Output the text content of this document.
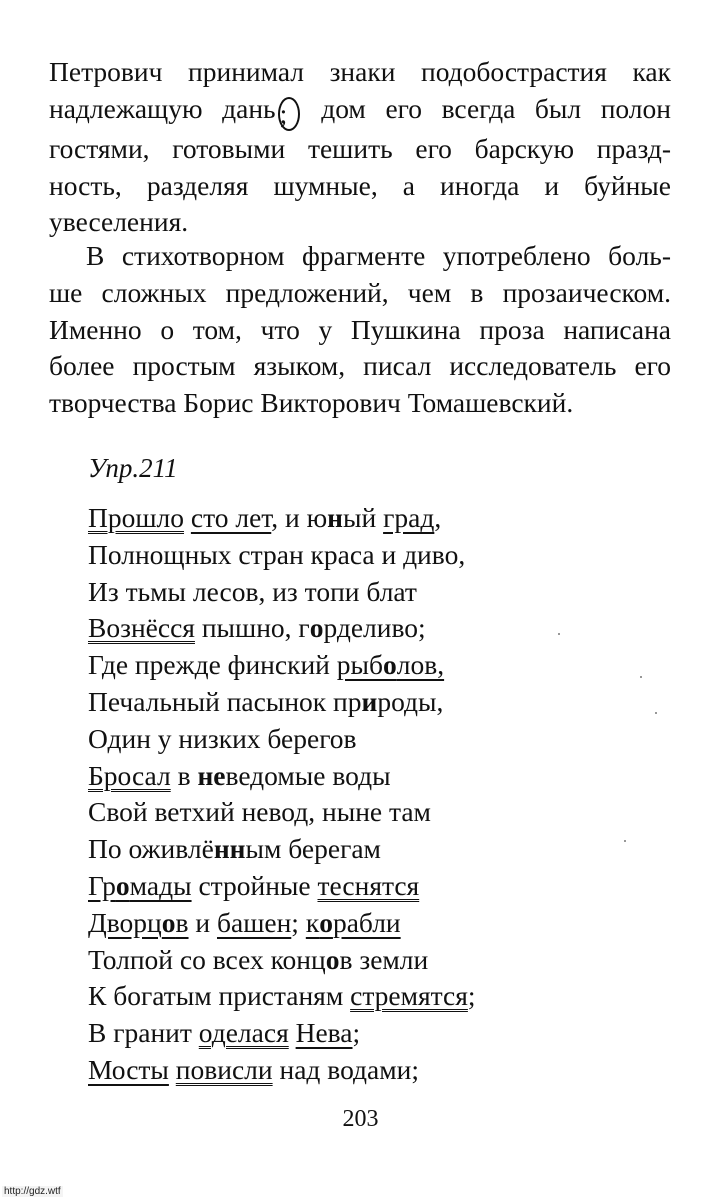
Петрович принимал знаки подобострастия как
надлежащую дань ; дом его всегда был полон
гостями, готовыми тешить его барскую празд-
ность, разделяя шумные, а иногда и буйные
увеселения.
В стихотворном фрагменте употреблено боль-
ше сложных предложений, чем в прозаическом.
Именно о том, что у Пушкина проза написана
более простым языком, писал исследователь его
творчества Борис Викторович Томашевский.
Упр.211
Прошло сто лет, и юный град,
Полнощных стран краса и диво,
Из тьмы лесов, из топи блат
Вознёсся пышно, горделиво;
Где прежде финский рыболов,
Печальный пасынок природы,
Один у низких берегов
Бросал в неведомые воды
Свой ветхий невод, ныне там
По оживлённым берегам
Громады стройные теснятся
Дворцов и башен; корабли
Толпой со всех концов земли
К богатым пристаням стремятся;
В гранит оделася Нева;
Мосты повисли над водами;
203
http://gdz.wtf
